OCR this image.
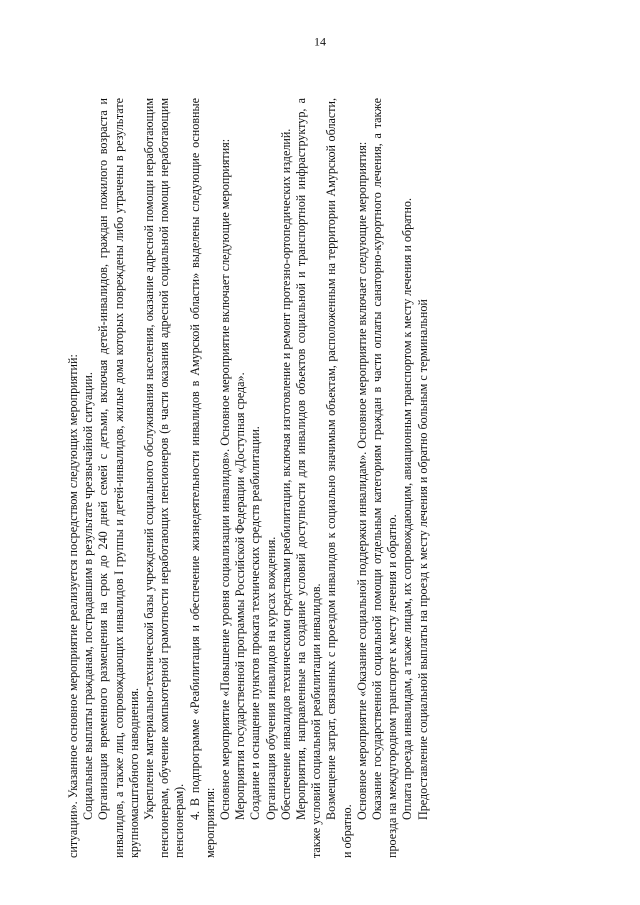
14

ситуации». Указанное основное мероприятие реализуется посредством следующих мероприятий: Социальные выплаты гражданам, пострадавшим в результате чрезвычайной ситуации. Организация временного размещения на срок до 240 дней семей с детьми, включая детей-инвалидов, граждан пожилого возраста и инвалидов, а также лиц, сопровождающих инвалидов I группы и детей-инвалидов, жилые дома которых повреждены либо утрачены в результате крупномасштабного наводнения. Укрепление материально-технической базы учреждений социального обслуживания населения, оказание адресной помощи неработающим пенсионерам, обучение компьютерной грамотности неработающих пенсионеров (в части оказания адресной социальной помощи неработающим пенсионерам).

4. В подпрограмме «Реабилитация и обеспечение жизнедеятельности инвалидов в Амурской области» выделены следующие основные мероприятия:

Основное мероприятие «Повышение уровня социализации инвалидов». Основное мероприятие включает следующие мероприятия: Мероприятия государственной программы Российской Федерации «Доступная среда». Создание и оснащение пунктов проката технических средств реабилитации. Организация обучения инвалидов на курсах вождения. Обеспечение инвалидов техническими средствами реабилитации, включая изготовление и ремонт протезно-ортопедических изделий. Мероприятия, направленные на создание условий доступности для инвалидов объектов социальной и транспортной инфраструктур, а также условий социальной реабилитации инвалидов. Возмещение затрат, связанных с проездом инвалидов к социально значимым объектам, расположенным на территории Амурской области, и обратно.

Основное мероприятие «Оказание социальной поддержки инвалидам». Основное мероприятие включает следующие мероприятия: Оказание государственной социальной помощи отдельным категориям граждан в части оплаты санаторно-курортного лечения, а также проезда на междугородном транспорте к месту лечения и обратно. Оплата проезда инвалидам, а также лицам, их сопровождающим, авиационным транспортом к месту лечения и обратно. Предоставление социальной выплаты на проезд к месту лечения и обратно больным с терминальной
